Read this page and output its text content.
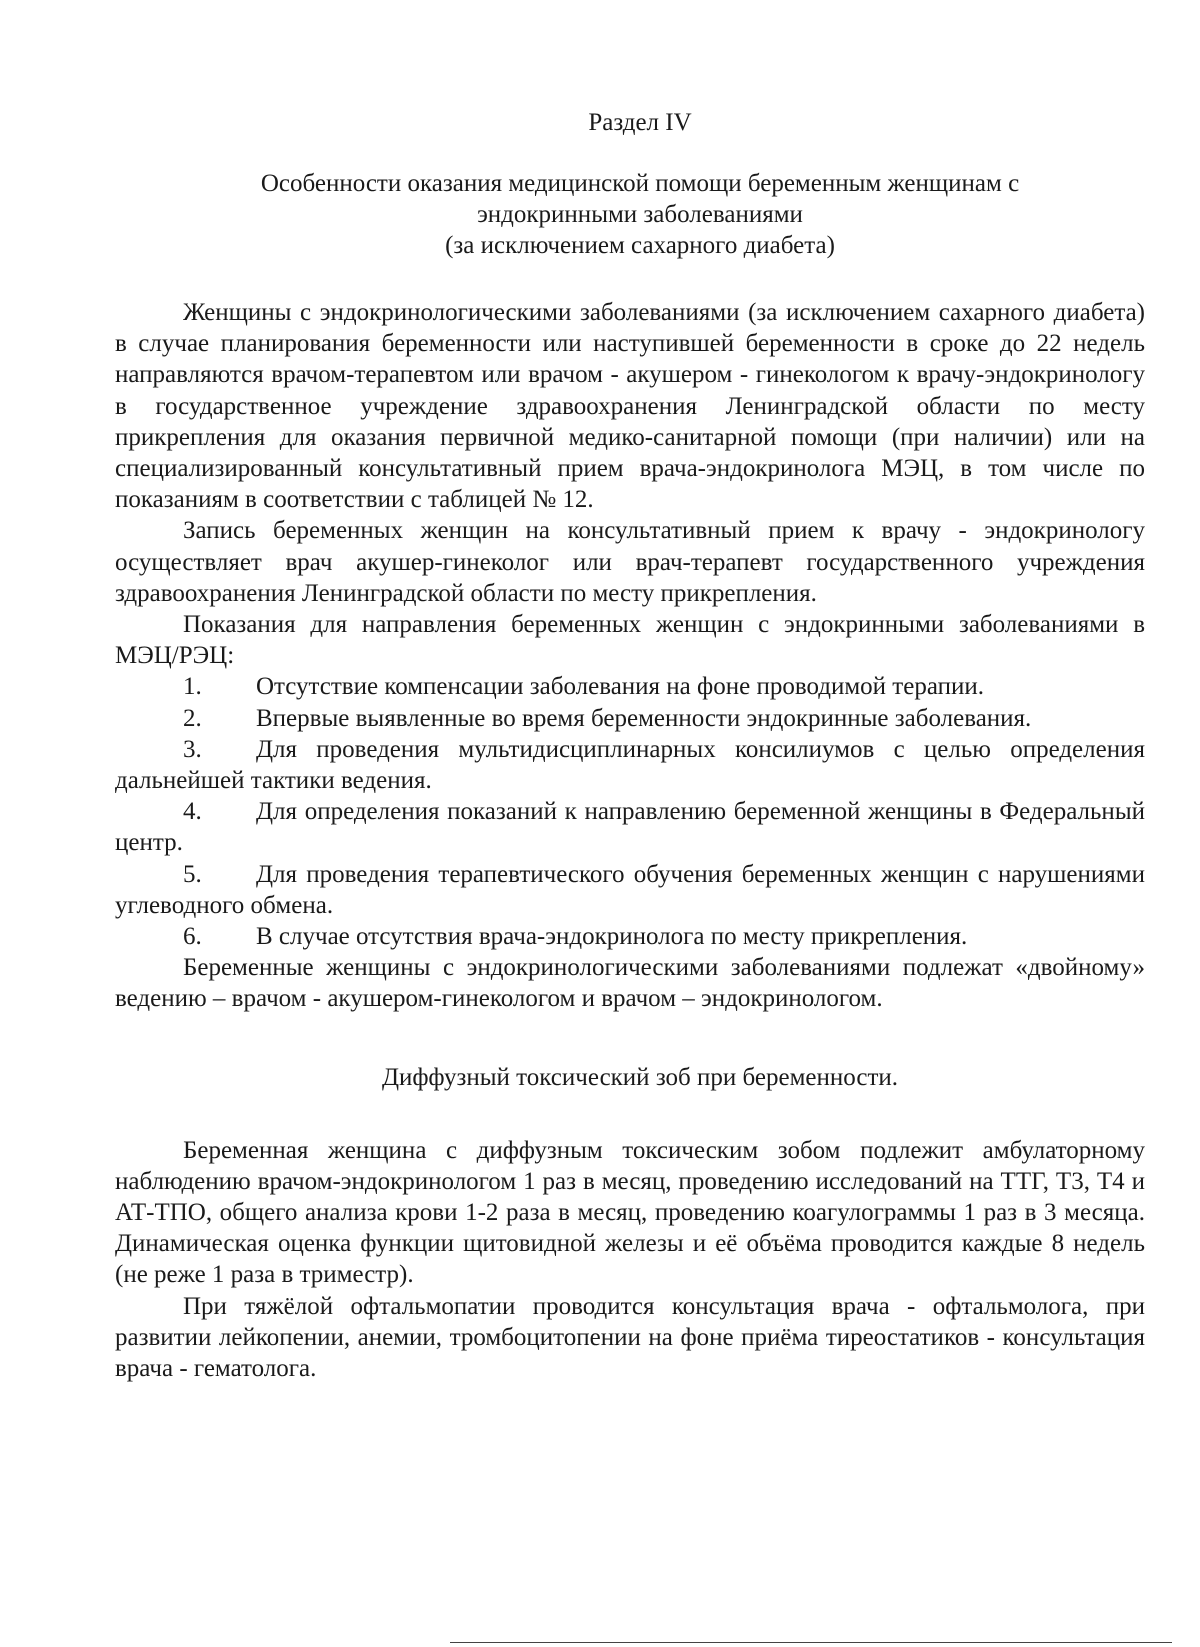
Раздел IV
Особенности оказания медицинской помощи беременным женщинам с
эндокринными заболеваниями
(за исключением сахарного диабета)

Женщины с эндокринологическими заболеваниями (за исключением сахарного диабета) в случае планирования беременности или наступившей беременности в сроке до 22 недель направляются врачом-терапевтом или врачом - акушером - гинекологом к врачу-эндокринологу в государственное учреждение здравоохранения Ленинградской области по месту прикрепления для оказания первичной медико-санитарной помощи (при наличии) или на специализированный консультативный прием врача-эндокринолога МЭЦ, в том числе по показаниям в соответствии с таблицей № 12.

Запись беременных женщин на консультативный прием к врачу - эндокринологу осуществляет врач акушер-гинеколог или врач-терапевт государственного учреждения здравоохранения Ленинградской области по месту прикрепления.

Показания для направления беременных женщин с эндокринными заболеваниями в МЭЦ/РЭЦ:

1. Отсутствие компенсации заболевания на фоне проводимой терапии.

2. Впервые выявленные во время беременности эндокринные заболевания.

3. Для проведения мультидисциплинарных консилиумов с целью определения дальнейшей тактики ведения.

4. Для определения показаний к направлению беременной женщины в Федеральный центр.

5. Для проведения терапевтического обучения беременных женщин с нарушениями углеводного обмена.

6. В случае отсутствия врача-эндокринолога по месту прикрепления.

Беременные женщины с эндокринологическими заболеваниями подлежат «двойному» ведению – врачом - акушером-гинекологом и врачом – эндокринологом.

Диффузный токсический зоб при беременности.

Беременная женщина с диффузным токсическим зобом подлежит амбулаторному наблюдению врачом-эндокринологом 1 раз в месяц, проведению исследований на ТТГ, Т3, Т4 и АТ-ТПО, общего анализа крови 1-2 раза в месяц, проведению коагулограммы 1 раз в 3 месяца. Динамическая оценка функции щитовидной железы и её объёма проводится каждые 8 недель (не реже 1 раза в триместр).

При тяжёлой офтальмопатии проводится консультация врача - офтальмолога, при развитии лейкопении, анемии, тромбоцитопении на фоне приёма тиреостатиков - консультация врача - гематолога.
